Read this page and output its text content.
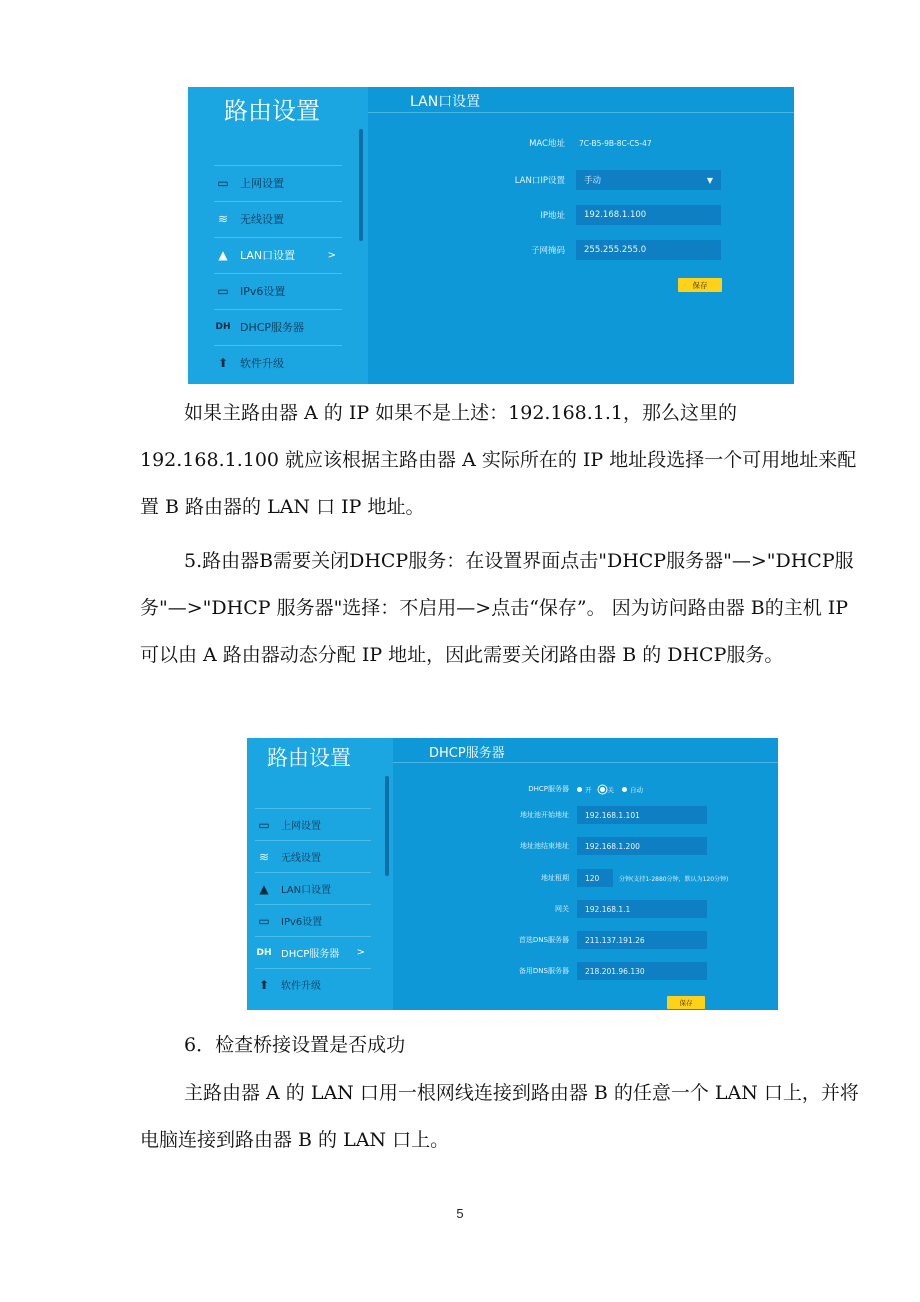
路由设置
▭	上网设置
≋	无线设置
▲	LAN口设置	>
▭	IPv6设置
DH DHCP服务器
⬆	软件升级
LAN口设置
MAC地址 7C-B5-9B-8C-C5-47
LAN口IP设置 手动	▼
IP地址 192.168.1.100
子网掩码 255.255.255.0
保存

如果主路由器 A 的 IP 如果不是上述：192.168.1.1，那么这里的 192.168.1.100 就应该根据主路由器 A 实际所在的 IP 地址段选择一个可用地址来配置 B 路由器的 LAN 口 IP 地址。

5.路由器B需要关闭DHCP服务：在设置界面点击"DHCP服务器"—>"DHCP服务"—>"DHCP 服务器"选择：不启用—>点击“保存”。 因为访问路由器 B的主机 IP 可以由 A 路由器动态分配 IP 地址，因此需要关闭路由器 B 的 DHCP服务。

路由设置
▭	上网设置
≋	无线设置
▲	LAN口设置
▭	IPv6设置
DH DHCP服务器 >
⬆	软件升级
DHCP服务器
DHCP服务器 开 关 自动
地址池开始地址 192.168.1.101
地址池结束地址 192.168.1.200
地址租期 120	分钟(支持1-2880分钟，默认为120分钟)
网关 192.168.1.1
首选DNS服务器 211.137.191.26
备用DNS服务器 218.201.96.130
保存

6．检查桥接设置是否成功

主路由器 A 的 LAN 口用一根网线连接到路由器 B 的任意一个 LAN 口上，并将电脑连接到路由器 B 的 LAN 口上。

5
